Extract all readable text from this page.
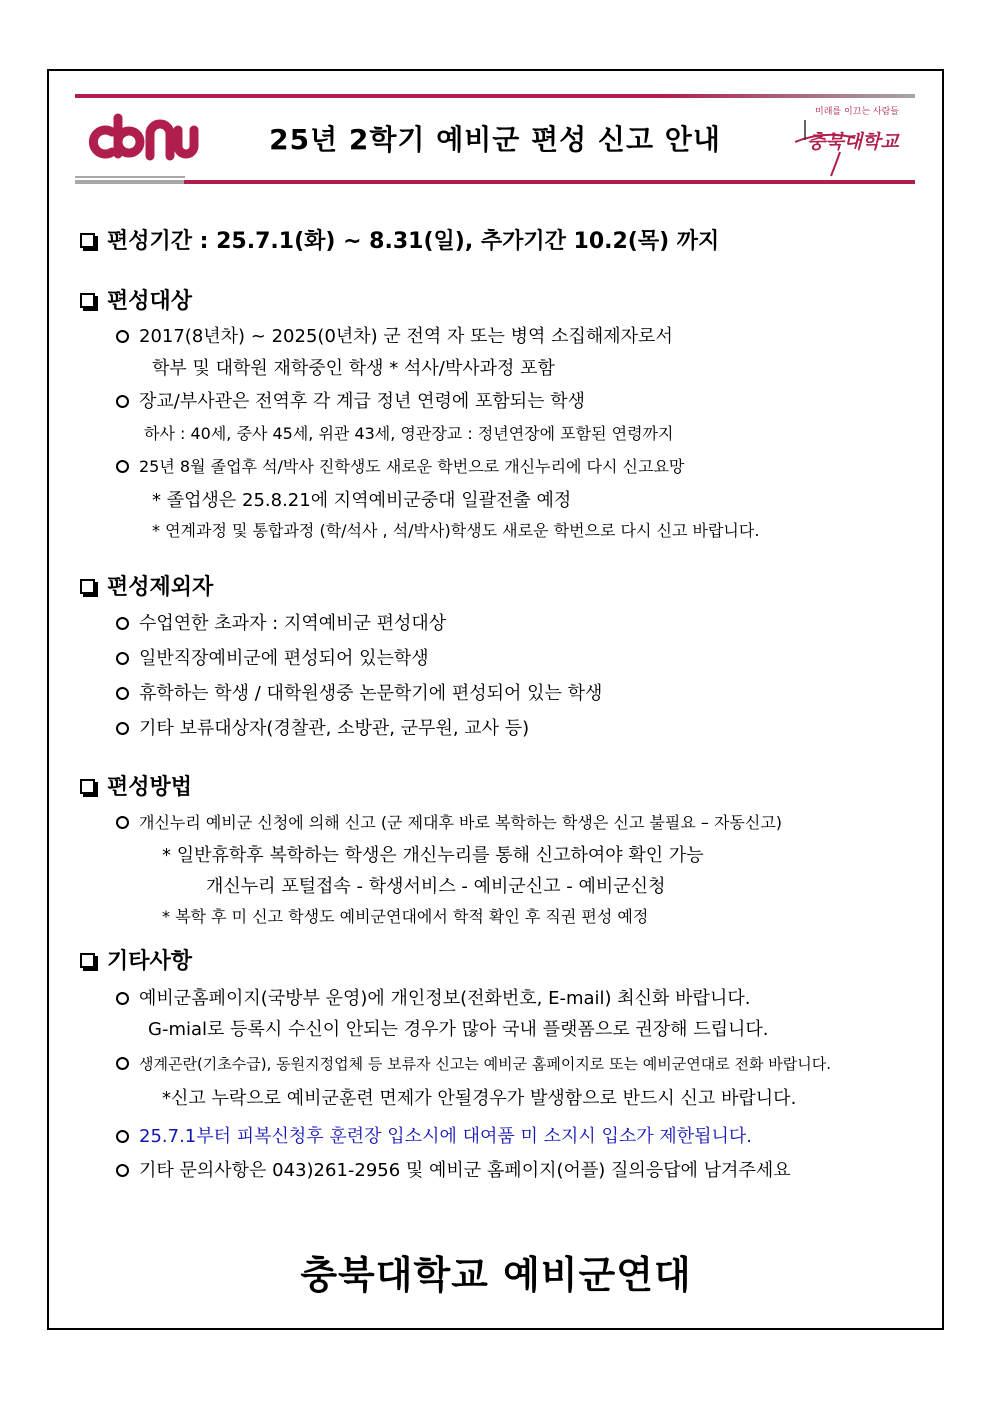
25년 2학기 예비군 편성 신고 안내
미래를 이끄는 사람들
충북대학교
편성기간 : 25.7.1(화) ~ 8.31(일), 추가기간 10.2(목) 까지
편성대상
2017(8년차) ~ 2025(0년차) 군 전역 자 또는 병역 소집해제자로서
학부 및 대학원 재학중인 학생 * 석사/박사과정 포함
장교/부사관은 전역후 각 계급 정년 연령에 포함되는 학생
하사 : 40세, 중사 45세, 위관 43세, 영관장교 : 정년연장에 포함된 연령까지
25년 8월 졸업후 석/박사 진학생도 새로운 학번으로 개신누리에 다시 신고요망
* 졸업생은 25.8.21에 지역예비군중대 일괄전출 예정
* 연계과정 및 통합과정 (학/석사 , 석/박사)학생도 새로운 학번으로 다시 신고 바랍니다.
편성제외자
수업연한 초과자 : 지역예비군 편성대상
일반직장예비군에 편성되어 있는학생
휴학하는 학생 / 대학원생중 논문학기에 편성되어 있는 학생
기타 보류대상자(경찰관, 소방관, 군무원, 교사 등)
편성방법
개신누리 예비군 신청에 의해 신고 (군 제대후 바로 복학하는 학생은 신고 불필요 – 자동신고)
* 일반휴학후 복학하는 학생은 개신누리를 통해 신고하여야 확인 가능
개신누리 포털접속 - 학생서비스 - 예비군신고 - 예비군신청
* 복학 후 미 신고 학생도 예비군연대에서 학적 확인 후 직권 편성 예정
기타사항
예비군홈페이지(국방부 운영)에 개인정보(전화번호, E-mail) 최신화 바랍니다.
G-mial로 등록시 수신이 안되는 경우가 많아 국내 플랫폼으로 권장해 드립니다.
생계곤란(기초수급), 동원지정업체 등 보류자 신고는 예비군 홈페이지로 또는 예비군연대로 전화 바랍니다.
*신고 누락으로 예비군훈련 면제가 안될경우가 발생함으로 반드시 신고 바랍니다.
25.7.1부터 피복신청후 훈련장 입소시에 대여품 미 소지시 입소가 제한됩니다.
기타 문의사항은 043)261-2956 및 예비군 홈페이지(어플) 질의응답에 남겨주세요
충북대학교 예비군연대
